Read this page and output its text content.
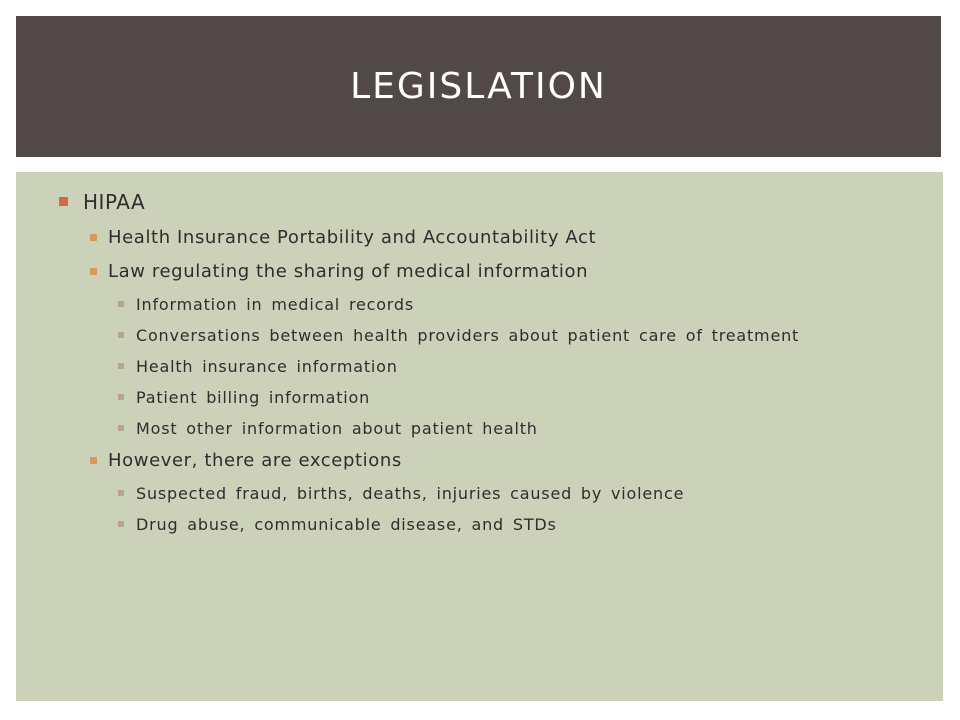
LEGISLATION
HIPAA
Health Insurance Portability and Accountability Act
Law regulating the sharing of medical information
Information in medical records
Conversations between health providers about patient care of treatment
Health insurance information
Patient billing information
Most other information about patient health
However, there are exceptions
Suspected fraud, births, deaths, injuries caused by violence
Drug abuse, communicable disease, and STDs
